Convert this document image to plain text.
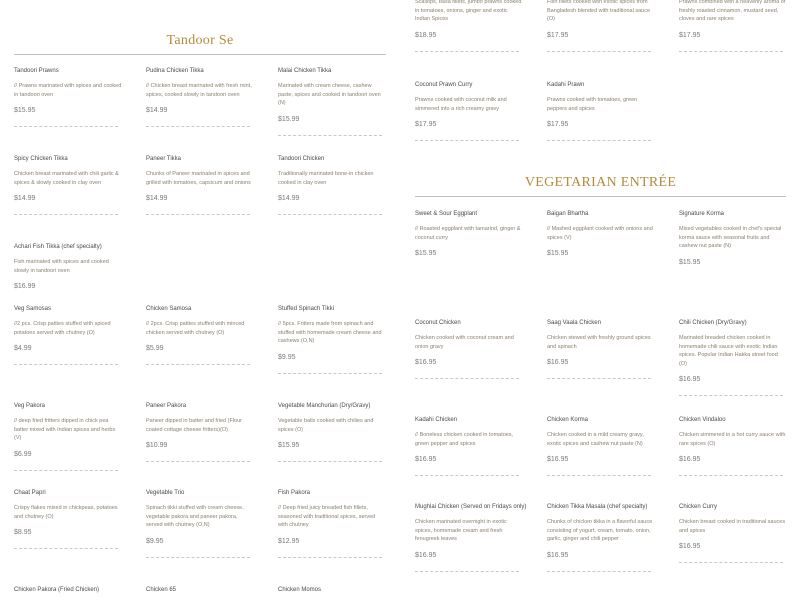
Tandoor Se
Tandoori Prawns

// Prawns marinated with spices and cooked in tandoori oven

$15.95
Pudina Chicken Tikka

// Chicken breast marinated with fresh mint, spices, cooked slowly in tandoori oven

$14.99
Malai Chicken Tikka

Marinated with cream cheese, cashew paste, spices and cooked in tandoori oven (N)

$15.99
Spicy Chicken Tikka

Chicken breast marinated with chili garlic & spices & slowly cooked in clay oven

$14.99
Paneer Tikka

Chunks of Paneer marinated in spices and grilled with tomatoes, capsicum and onions

$14.99
Tandoori Chicken

Traditionally marinated bone-in chicken cooked in clay oven

$14.99
Achari Fish Tikka (chef specialty)

Fish marinated with spices and cooked slowly in tandoori oven

$16.99
Veg Samosas

//2 pcs. Crisp patties stuffed with spiced potatoes served with chutney (O)

$4.99
Chicken Samosa

// 2pcs. Crisp patties stuffed with minced chicken served with chutney (O)

$5.99
Stuffed Spinach Tikki

// 5pcs. Fritters made from spinach and stuffed with homemade cream cheese and cashews (O,N)

$9.95
Veg Pakora

// deep fried fritters dipped in chick pea batter mixed with Indian spices and herbs (V)

$6.99
Paneer Pakora

Paneer dipped in batter and fried (Flour coated cottage cheese fritters)(O)

$10.99
Vegetable Manchurian (Dry/Gravy)

Vegetable balls cooked with chilies and spices (O)

$15.95
Chaat Papri

Crispy flakes mixed in chickpeas, potatoes and chutney (O)

$8.95
Vegetable Trio

Spinach tikki stuffed with cream cheese, vegetable pakora and paneer pakora, served with chutney (O,N)

$9.95
Fish Pakora

// Deep fried juicy breaded fish fillets, seasoned with traditional spices, served with chutney

$12.95
Chicken Pakora (Fried Chicken)	Chicken 65	Chicken Momos

Scallops, basa fillets, jumbo prawns cooked in tomatoes, onions, ginger and exotic Indian Spices

$18.95

Fish fillets cooked with exotic spices from Bangladesh blended with traditional sauce (O)

$17.95

Prawns combined with a heavenly aroma of freshly roasted cinnamon, mustard seed, cloves and rare spices

$17.95
Coconut Prawn Curry

Prawns cooked with coconut milk and simmered into a rich creamy gravy

$17.95
Kadahi Prawn

Prawns cooked with tomatoes, green peppers and spices

$17.95
VEGETARIAN ENTRÉE
Sweet & Sour Eggplant

// Roasted eggplant with tamarind, ginger & coconut curry

$15.95
Baigan Bhartha

// Mashed eggplant cooked with onions and spices (V)

$15.95
Signature Korma

Mixed vegetables cooked in chef's special korma sauce with seasonal fruits and cashew nut paste (N)

$15.95
Coconut Chicken

Chicken cooked with coconut cream and onion gravy

$16.95
Saag Vaala Chicken

Chicken stewed with freshly ground spices and spinach

$16.95
Chili Chicken (Dry/Gravy)

Marinated breaded chicken cooked in homemade chili sauce with exotic Indian spices. Popular Indian Hakka street food (O)

$16.95
Kadahi Chicken

// Boneless chicken cooked in tomatoes, green pepper and spices

$16.95
Chicken Korma

Chicken cooked in a mild creamy gravy, exotic spices and cashew nut paste (N)

$16.95
Chicken Vindaloo

Chicken simmered in a hot curry sauce with rare spices (O)

$16.95
Mughlai Chicken (Served on Fridays only)

Chicken marinated overnight in exotic spices, homemade cream and fresh fenugreek leaves

$16.95
Chicken Tikka Masala (chef specialty)

Chunks of chicken tikka in a flavorful sauce consisting of yogurt, cream, tomato, onion, garlic, ginger and chili pepper

$16.95
Chicken Curry

Chicken breast cooked in traditional sauces and spices

$16.95
